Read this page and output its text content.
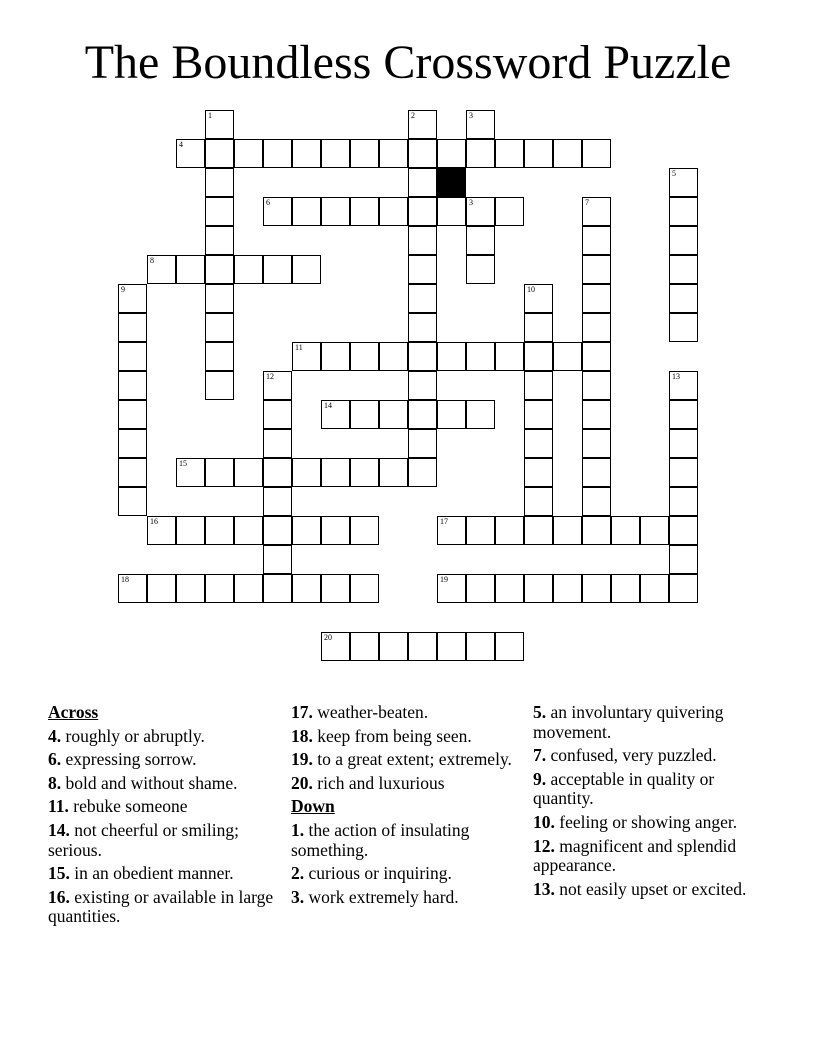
The Boundless Crossword Puzzle
1	2	3
3
4
5
6	7
8
9	10
11
12	13
14
15
16	17
18	19
20
Across
4. roughly or abruptly.
6. expressing sorrow.
8. bold and without shame.
11. rebuke someone
14. not cheerful or smiling; serious.
15. in an obedient manner.
16. existing or available in large quantities.
17. weather-beaten.
18. keep from being seen.
19. to a great extent; extremely.
20. rich and luxurious
Down
1. the action of insulating something.
2. curious or inquiring.
3. work extremely hard.
5. an involuntary quivering movement.
7. confused, very puzzled.
9. acceptable in quality or quantity.
10. feeling or showing anger.
12. magnificent and splendid appearance.
13. not easily upset or excited.
